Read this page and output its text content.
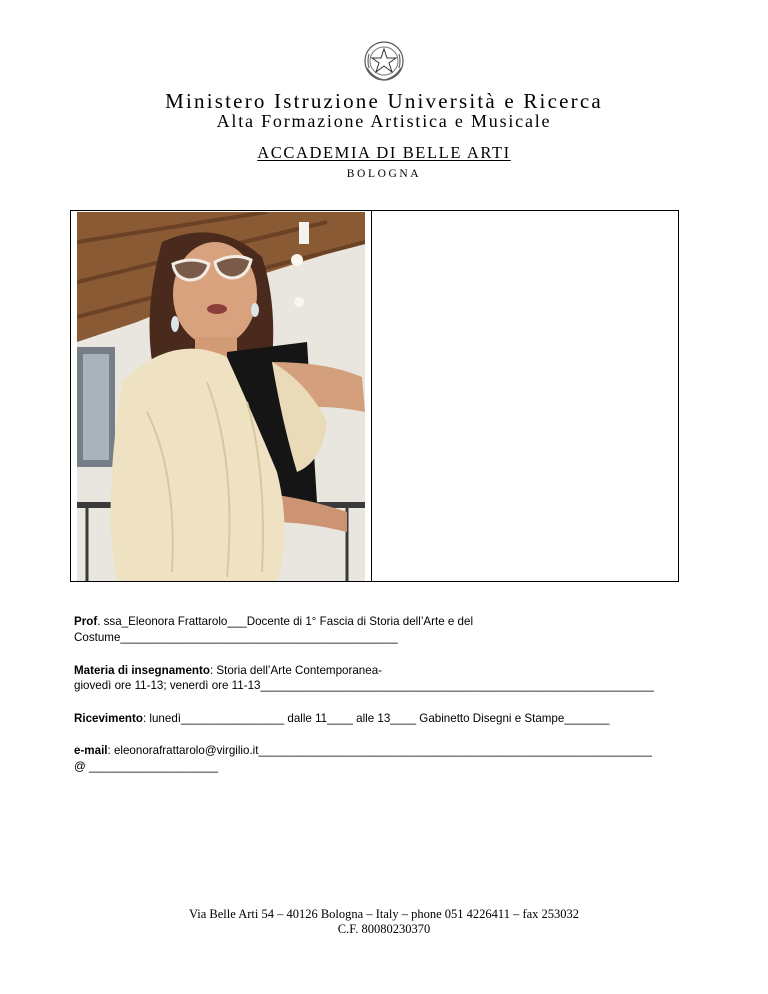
Ministero Istruzione Università e Ricerca
Alta Formazione Artistica e Musicale
ACCADEMIA DI BELLE ARTI
BOLOGNA
Prof. ssa_Eleonora Frattarolo___Docente di 1° Fascia di Storia dell’Arte e del
Costume___________________________________________
Materia di insegnamento: Storia dell’Arte Contemporanea-
giovedì ore 11-13; venerdì ore 11-13_____________________________________________________________
Ricevimento: lunedì________________ dalle 11____ alle 13____ Gabinetto Disegni e Stampe_______
e-mail: eleonorafrattarolo@virgilio.it_____________________________________________________________
@ ____________________
Via Belle Arti 54 – 40126 Bologna – Italy – phone 051 4226411 – fax 253032
C.F. 80080230370
